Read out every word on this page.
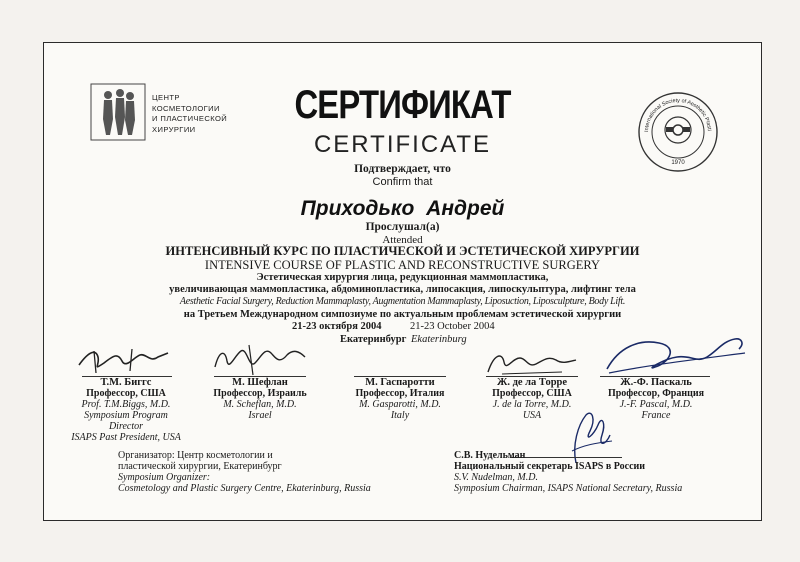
ЦЕНТР
КОСМЕТОЛОГИИ
И ПЛАСТИЧЕСКОЙ
ХИРУРГИИ	International Society of Aesthetic Plasti
1970
СЕРТИФИКАТ
CERTIFICATE
Подтверждает, что
Confirm that
Приходько Андрей
Прослушал(а)
Attended
ИНТЕНСИВНЫЙ КУРС ПО ПЛАСТИЧЕСКОЙ И ЭСТЕТИЧЕСКОЙ ХИРУРГИИ
INTENSIVE COURSE OF PLASTIC AND RECONSTRUCTIVE SURGERY
Эстетическая хирургия лица, редукционная маммопластика,
увеличивающая маммопластика, абдоминопластика, липосакция, липоскульптура, лифтинг тела
Aesthetic Facial Surgery, Reduction Mammaplasty, Augmentation Mammaplasty, Liposuction, Liposculpture, Body Lift.
на Третьем Международном симпозиуме по актуальным проблемам эстетической хирургии
21-23 октября 2004	21-23 October 2004
Екатеринбург Ekaterinburg
Т.М. Биггс
Профессор, США
Prof. T.M.Biggs, M.D.
Symposium Program Director
ISAPS Past President, USA
М. Шефлан
Профессор, Израиль
M. Scheflan, M.D.
Israel
М. Гаспаротти
Профессор, Италия
M. Gasparotti, M.D.
Italy
Ж. де ла Торре
Профессор, США
J. de la Torre, M.D.
USA
Ж.-Ф. Паскаль
Профессор, Франция
J.-F. Pascal, M.D.
France
Организатор: Центр косметологии и
пластической хирургии, Екатеринбург
Symposium Organizer:
Cosmetology and Plastic Surgery Centre, Ekaterinburg, Russia
С.В. Нудельман
Национальный секретарь ISAPS в России
S.V. Nudelman, M.D.
Symposium Chairman, ISAPS National Secretary, Russia
